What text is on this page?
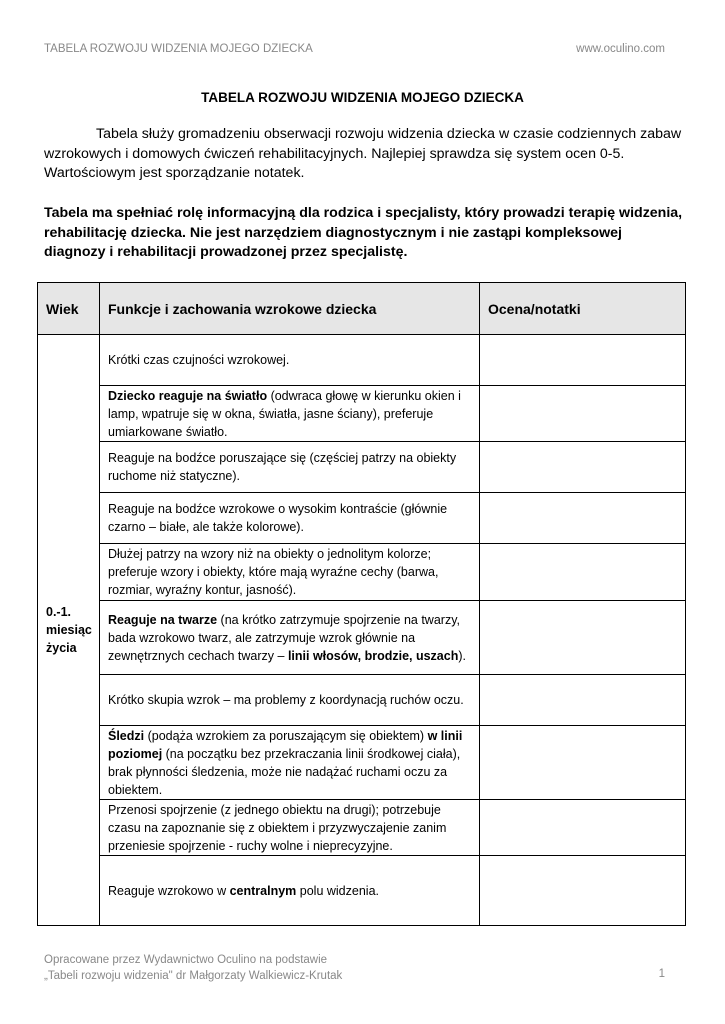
TABELA ROZWOJU WIDZENIA MOJEGO DZIECKA	www.oculino.com
TABELA ROZWOJU WIDZENIA MOJEGO DZIECKA
Tabela służy gromadzeniu obserwacji rozwoju widzenia dziecka w czasie codziennych zabaw wzrokowych i domowych ćwiczeń rehabilitacyjnych. Najlepiej sprawdza się system ocen 0-5. Wartościowym jest sporządzanie notatek.
Tabela ma spełniać rolę informacyjną dla rodzica i specjalisty, który prowadzi terapię widzenia, rehabilitację dziecka. Nie jest narzędziem diagnostycznym i nie zastąpi kompleksowej diagnozy i rehabilitacji prowadzonej przez specjalistę.
Wiek	Funkcje i zachowania wzrokowe dziecka	Ocena/notatki
0.-1. miesiąc życia	Krótki czas czujności wzrokowej.	
	Dziecko reaguje na światło (odwraca głowę w kierunku okien i lamp, wpatruje się w okna, światła, jasne ściany), preferuje umiarkowane światło.	
	Reaguje na bodźce poruszające się (częściej patrzy na obiekty ruchome niż statyczne).	
	Reaguje na bodźce wzrokowe o wysokim kontraście (głównie czarno – białe, ale także kolorowe).	
	Dłużej patrzy na wzory niż na obiekty o jednolitym kolorze; preferuje wzory i obiekty, które mają wyraźne cechy (barwa, rozmiar, wyraźny kontur, jasność).	
	Reaguje na twarze (na krótko zatrzymuje spojrzenie na twarzy, bada wzrokowo twarz, ale zatrzymuje wzrok głównie na zewnętrznych cechach twarzy – linii włosów, brodzie, uszach).	
	Krótko skupia wzrok – ma problemy z koordynacją ruchów oczu.	
	Śledzi (podąża wzrokiem za poruszającym się obiektem) w linii poziomej (na początku bez przekraczania linii środkowej ciała), brak płynności śledzenia, może nie nadążać ruchami oczu za obiektem.	
	Przenosi spojrzenie (z jednego obiektu na drugi); potrzebuje czasu na zapoznanie się z obiektem i przyzwyczajenie zanim przeniesie spojrzenie - ruchy wolne i nieprecyzyjne.	
	Reaguje wzrokowo w centralnym polu widzenia.	
Opracowane przez Wydawnictwo Oculino na podstawie
„Tabeli rozwoju widzenia" dr Małgorzaty Walkiewicz-Krutak	1
